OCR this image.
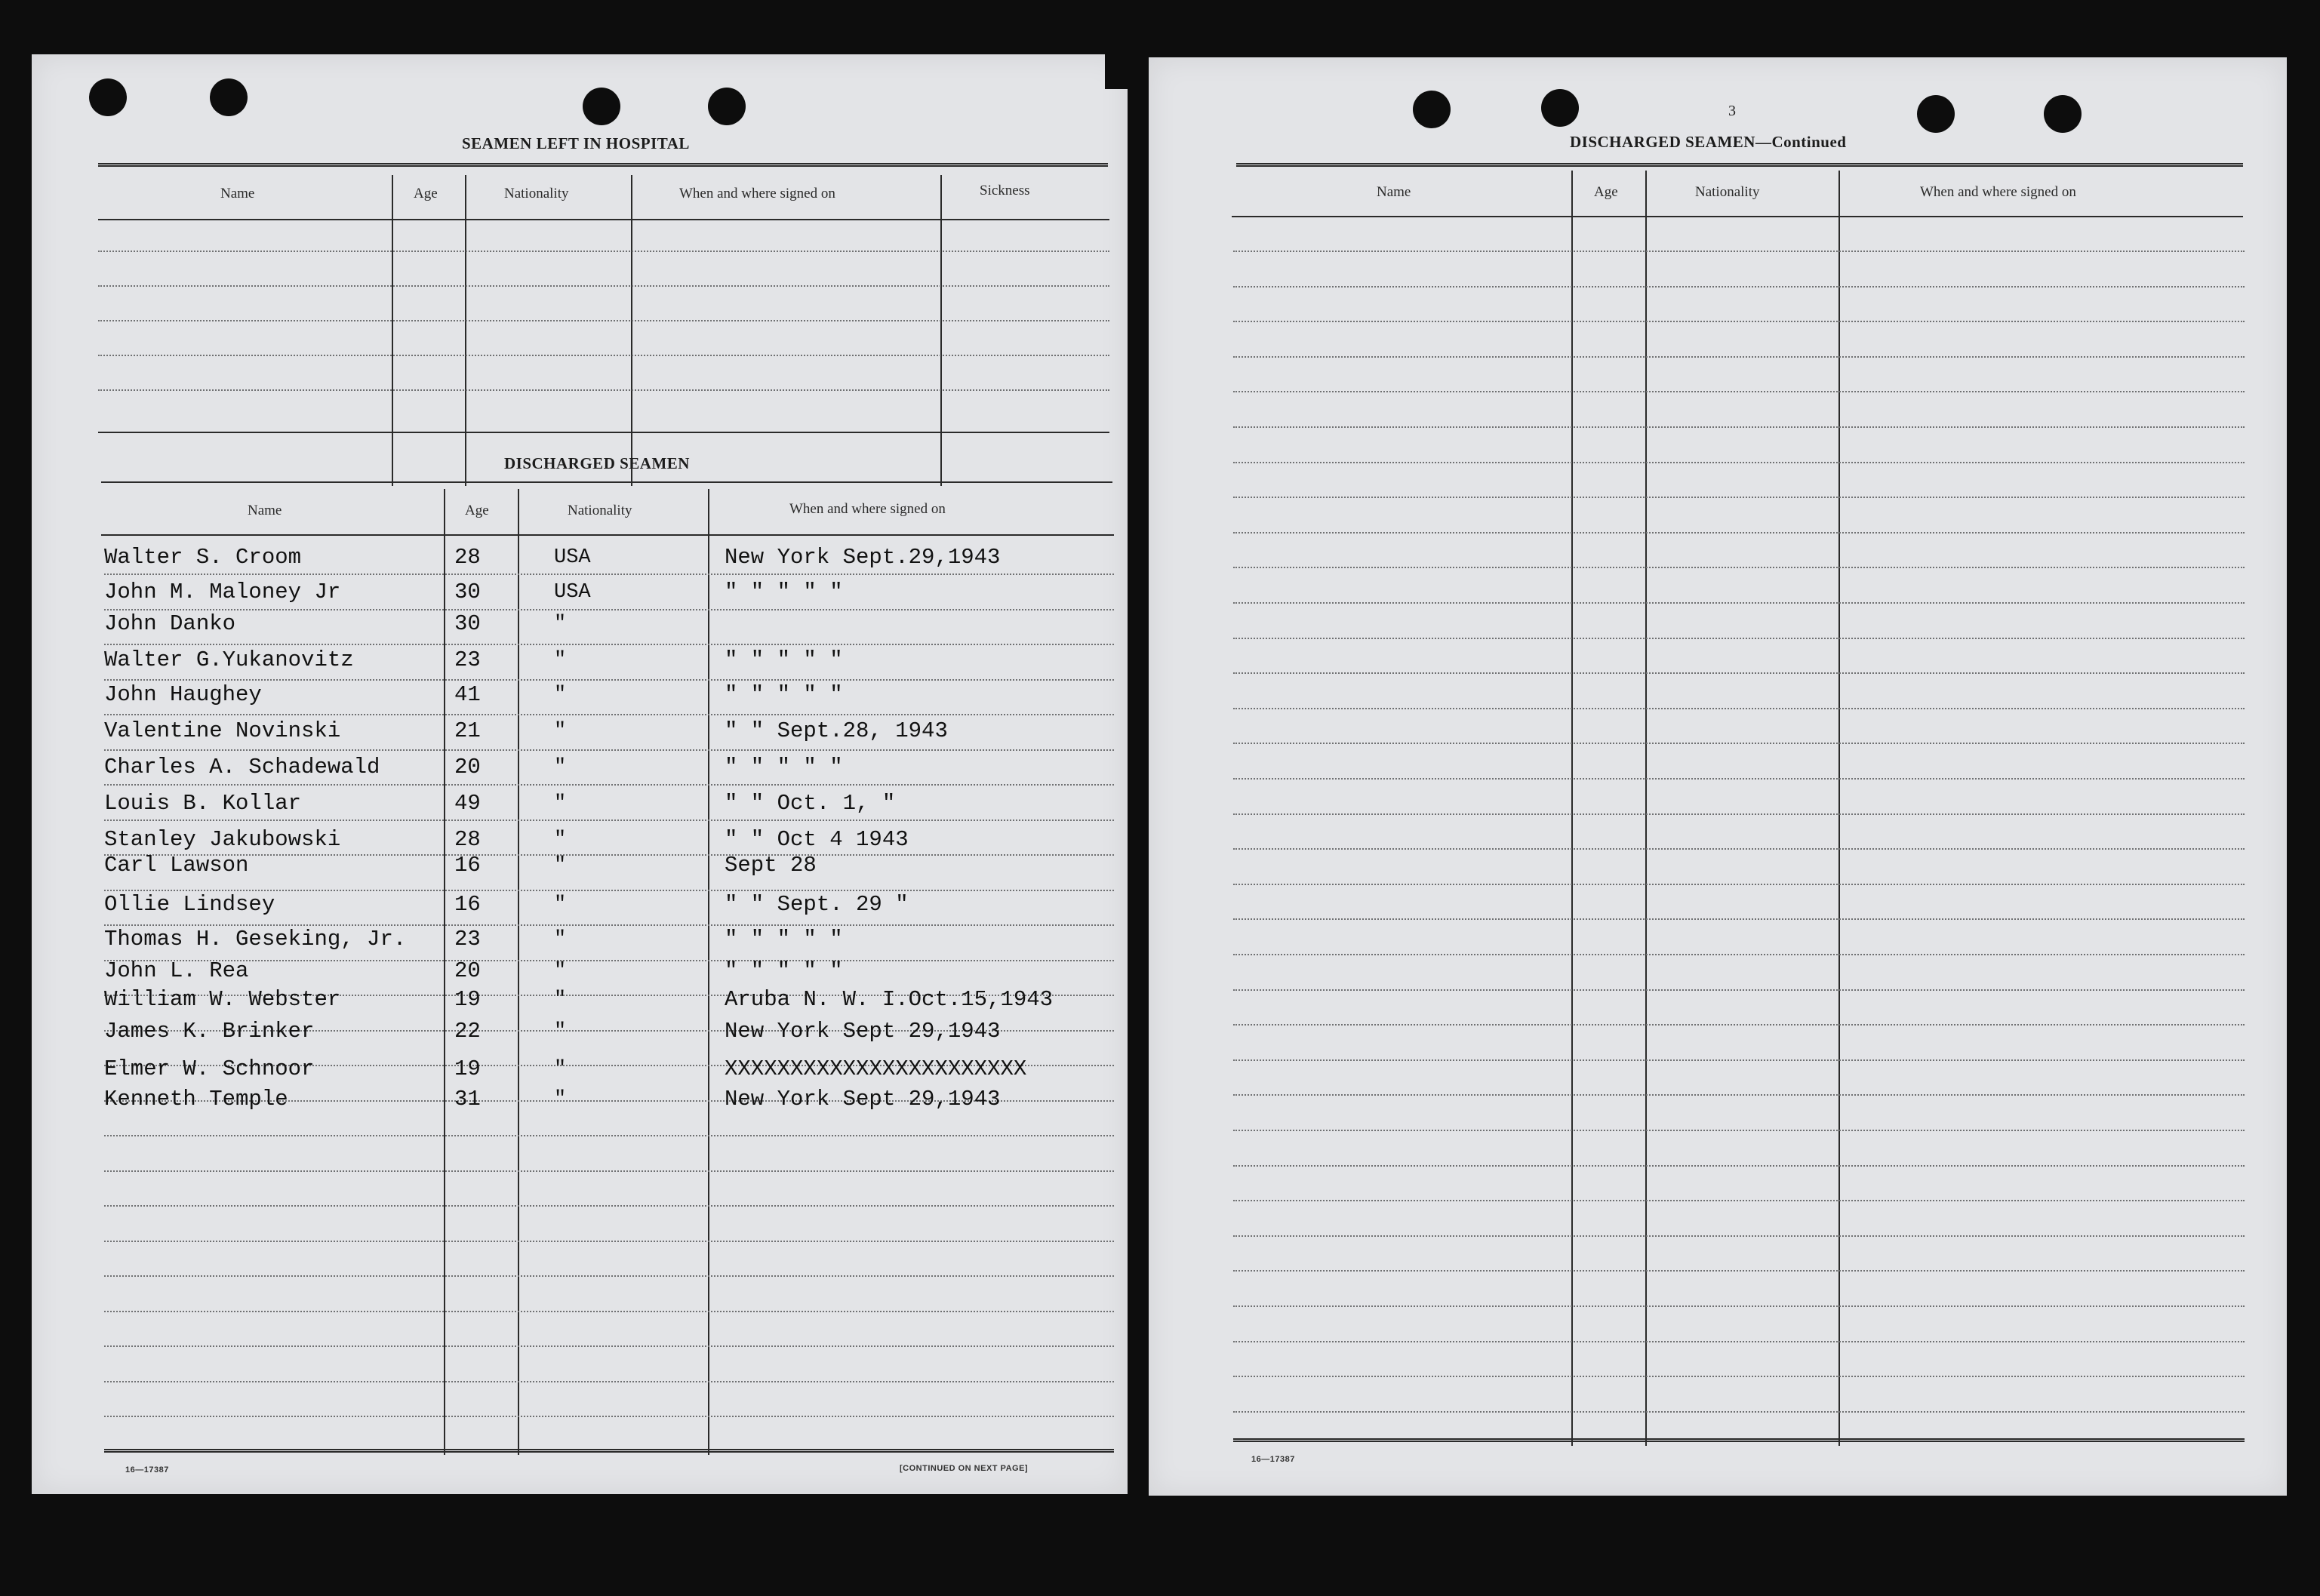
SEAMEN LEFT IN HOSPITAL
Name	Age	Nationality	When and where signed on	Sickness
DISCHARGED SEAMEN
Name	Age	Nationality	When and where signed on
Walter S. Croom	28	USA	New York Sept.29,1943
John M. Maloney Jr	30	USA	" " " " "
John Danko	30	"
Walter G.Yukanovitz	23	"	" " " " "
John Haughey	41	"	" " " " "
Valentine Novinski	21	"	" " Sept.28, 1943
Charles A. Schadewald	20	"	" " " " "
Louis B. Kollar	49	"	" " Oct. 1, "
Stanley Jakubowski	28	"	" " Oct 4 1943
Carl Lawson	16	"	Sept 28
Ollie Lindsey	16	"	" " Sept. 29 "
Thomas H. Geseking, Jr. 23	"	" " " " "
John L. Rea	20	"	" " " " "
William W. Webster	19	"	Aruba N. W. I.Oct.15,1943
James K. Brinker	22	"	New York Sept 29,1943
Elmer W. Schnoor	19	"	XXXXXXXXXXXXXXXXXXXXXXX
Kenneth Temple	31	"	New York Sept 29,1943
16—17387	[CONTINUED ON NEXT PAGE]
3
DISCHARGED SEAMEN—Continued
Name	Age	Nationality	When and where signed on
16—17387
